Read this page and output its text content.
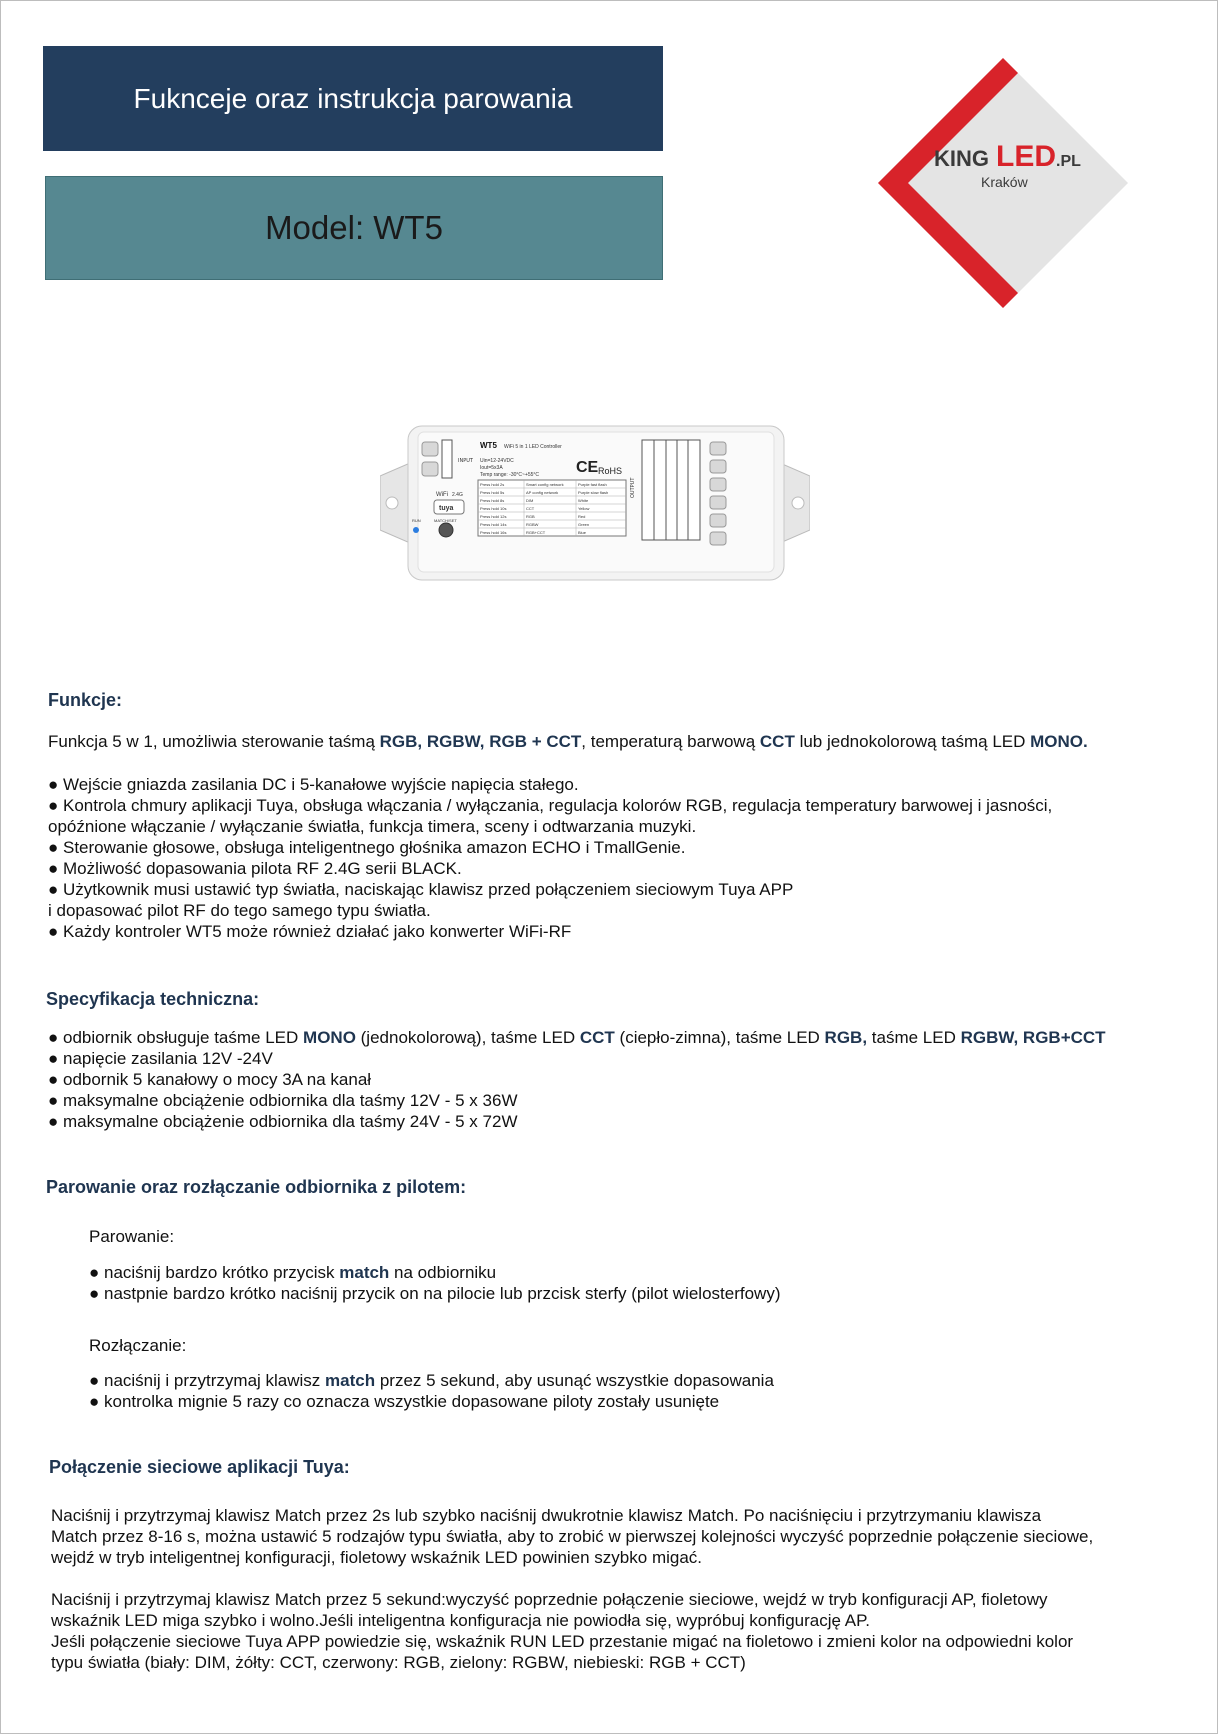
Fuknceje oraz instrukcja parowania
Model: WT5
KING LED .PL
Kraków
INPUT
WT5 WiFi 5 in 1 LED Controller
Uin=12-24VDC
Iout=5x3A
Temp range: -30°C~+55°C CE RoHS
WiFi 2.4G
tuya
RUN	MATCH/SET
Press hold 2s	Smart config network	Purple fast flash
Press hold 5s	AP config network	Purple slow flash
Press hold 8s	DIM	White
Press hold 10s	CCT	Yellow
Press hold 12s	RGB	Red
Press hold 14s	RGBW	Green
Press hold 16s	RGB+CCT	Blue
OUTPUT
Funkcje:
Funkcja 5 w 1, umożliwia sterowanie taśmą RGB, RGBW, RGB + CCT, temperaturą barwową CCT lub jednokolorową taśmą LED MONO.
● Wejście gniazda zasilania DC i 5-kanałowe wyjście napięcia stałego.
● Kontrola chmury aplikacji Tuya, obsługa włączania / wyłączania, regulacja kolorów RGB, regulacja temperatury barwowej i jasności,
opóźnione włączanie / wyłączanie światła, funkcja timera, sceny i odtwarzania muzyki.
● Sterowanie głosowe, obsługa inteligentnego głośnika amazon ECHO i TmallGenie.
● Możliwość dopasowania pilota RF 2.4G serii BLACK.
● Użytkownik musi ustawić typ światła, naciskając klawisz przed połączeniem sieciowym Tuya APP
i dopasować pilot RF do tego samego typu światła.
● Każdy kontroler WT5 może również działać jako konwerter WiFi-RF
Specyfikacja techniczna:
● odbiornik obsługuje taśme LED MONO (jednokolorową), taśme LED CCT (ciepło-zimna), taśme LED RGB, taśme LED RGBW, RGB+CCT
● napięcie zasilania 12V -24V
● odbornik 5 kanałowy o mocy 3A na kanał
● maksymalne obciążenie odbiornika dla taśmy 12V - 5 x 36W
● maksymalne obciążenie odbiornika dla taśmy 24V - 5 x 72W
Parowanie oraz rozłączanie odbiornika z pilotem:
Parowanie:
● naciśnij bardzo krótko przycisk match na odbiorniku
● nastpnie bardzo krótko naciśnij przycik on na pilocie lub przcisk sterfy (pilot wielosterfowy)
Rozłączanie:
● naciśnij i przytrzymaj klawisz match przez 5 sekund, aby usunąć wszystkie dopasowania
● kontrolka mignie 5 razy co oznacza wszystkie dopasowane piloty zostały usunięte
Połączenie sieciowe aplikacji Tuya:
Naciśnij i przytrzymaj klawisz Match przez 2s lub szybko naciśnij dwukrotnie klawisz Match. Po naciśnięciu i przytrzymaniu klawisza
Match przez 8-16 s, można ustawić 5 rodzajów typu światła, aby to zrobić w pierwszej kolejności wyczyść poprzednie połączenie sieciowe,
wejdź w tryb inteligentnej konfiguracji, fioletowy wskaźnik LED powinien szybko migać.
Naciśnij i przytrzymaj klawisz Match przez 5 sekund:wyczyść poprzednie połączenie sieciowe, wejdź w tryb konfiguracji AP, fioletowy
wskaźnik LED miga szybko i wolno.Jeśli inteligentna konfiguracja nie powiodła się, wypróbuj konfigurację AP.
Jeśli połączenie sieciowe Tuya APP powiedzie się, wskaźnik RUN LED przestanie migać na fioletowo i zmieni kolor na odpowiedni kolor
typu światła (biały: DIM, żółty: CCT, czerwony: RGB, zielony: RGBW, niebieski: RGB + CCT)
